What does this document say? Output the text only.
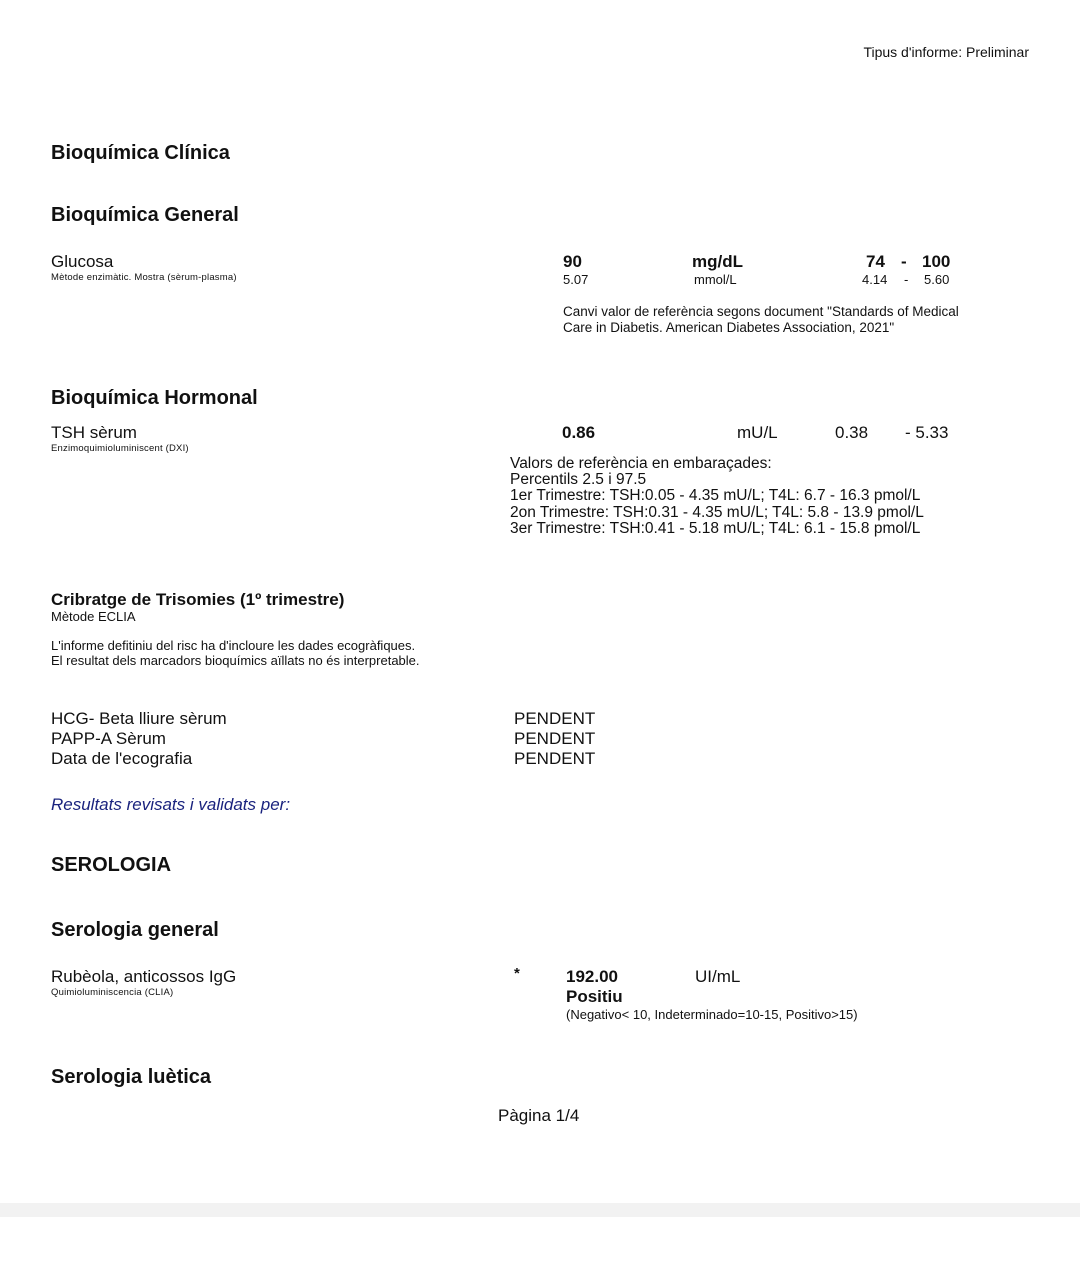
Tipus d'informe: Preliminar
Bioquímica Clínica
Bioquímica General
Glucosa
Mètode enzimàtic. Mostra (sèrum-plasma)
90	mg/dL	74 - 100
5.07	mmol/L	4.14 - 5.60
Canvi valor de referència segons document "Standards of Medical
Care in Diabetis. American Diabetes Association, 2021"
Bioquímica Hormonal
TSH sèrum
Enzimoquimioluminiscent (DXI)
0.86	mU/L	0.38 - 5.33
Valors de referència en embaraçades:
Percentils 2.5 i 97.5
1er Trimestre: TSH:0.05 - 4.35 mU/L; T4L: 6.7 - 16.3 pmol/L
2on Trimestre: TSH:0.31 - 4.35 mU/L; T4L: 5.8 - 13.9 pmol/L
3er Trimestre: TSH:0.41 - 5.18 mU/L; T4L: 6.1 - 15.8 pmol/L
Cribratge de Trisomies (1º trimestre)
Mètode ECLIA
L'informe defitiniu del risc ha d'incloure les dades ecogràfiques.
El resultat dels marcadors bioquímics aïllats no és interpretable.
HCG- Beta lliure sèrum	PENDENT
PAPP-A Sèrum	PENDENT
Data de l'ecografia	PENDENT
Resultats revisats i validats per:
SEROLOGIA
Serologia general
Rubèola, anticossos IgG
Quimioluminiscencia (CLIA)
*	192.00	UI/mL
Positiu
(Negativo< 10, Indeterminado=10-15, Positivo>15)
Serologia luètica
Pàgina 1/4
